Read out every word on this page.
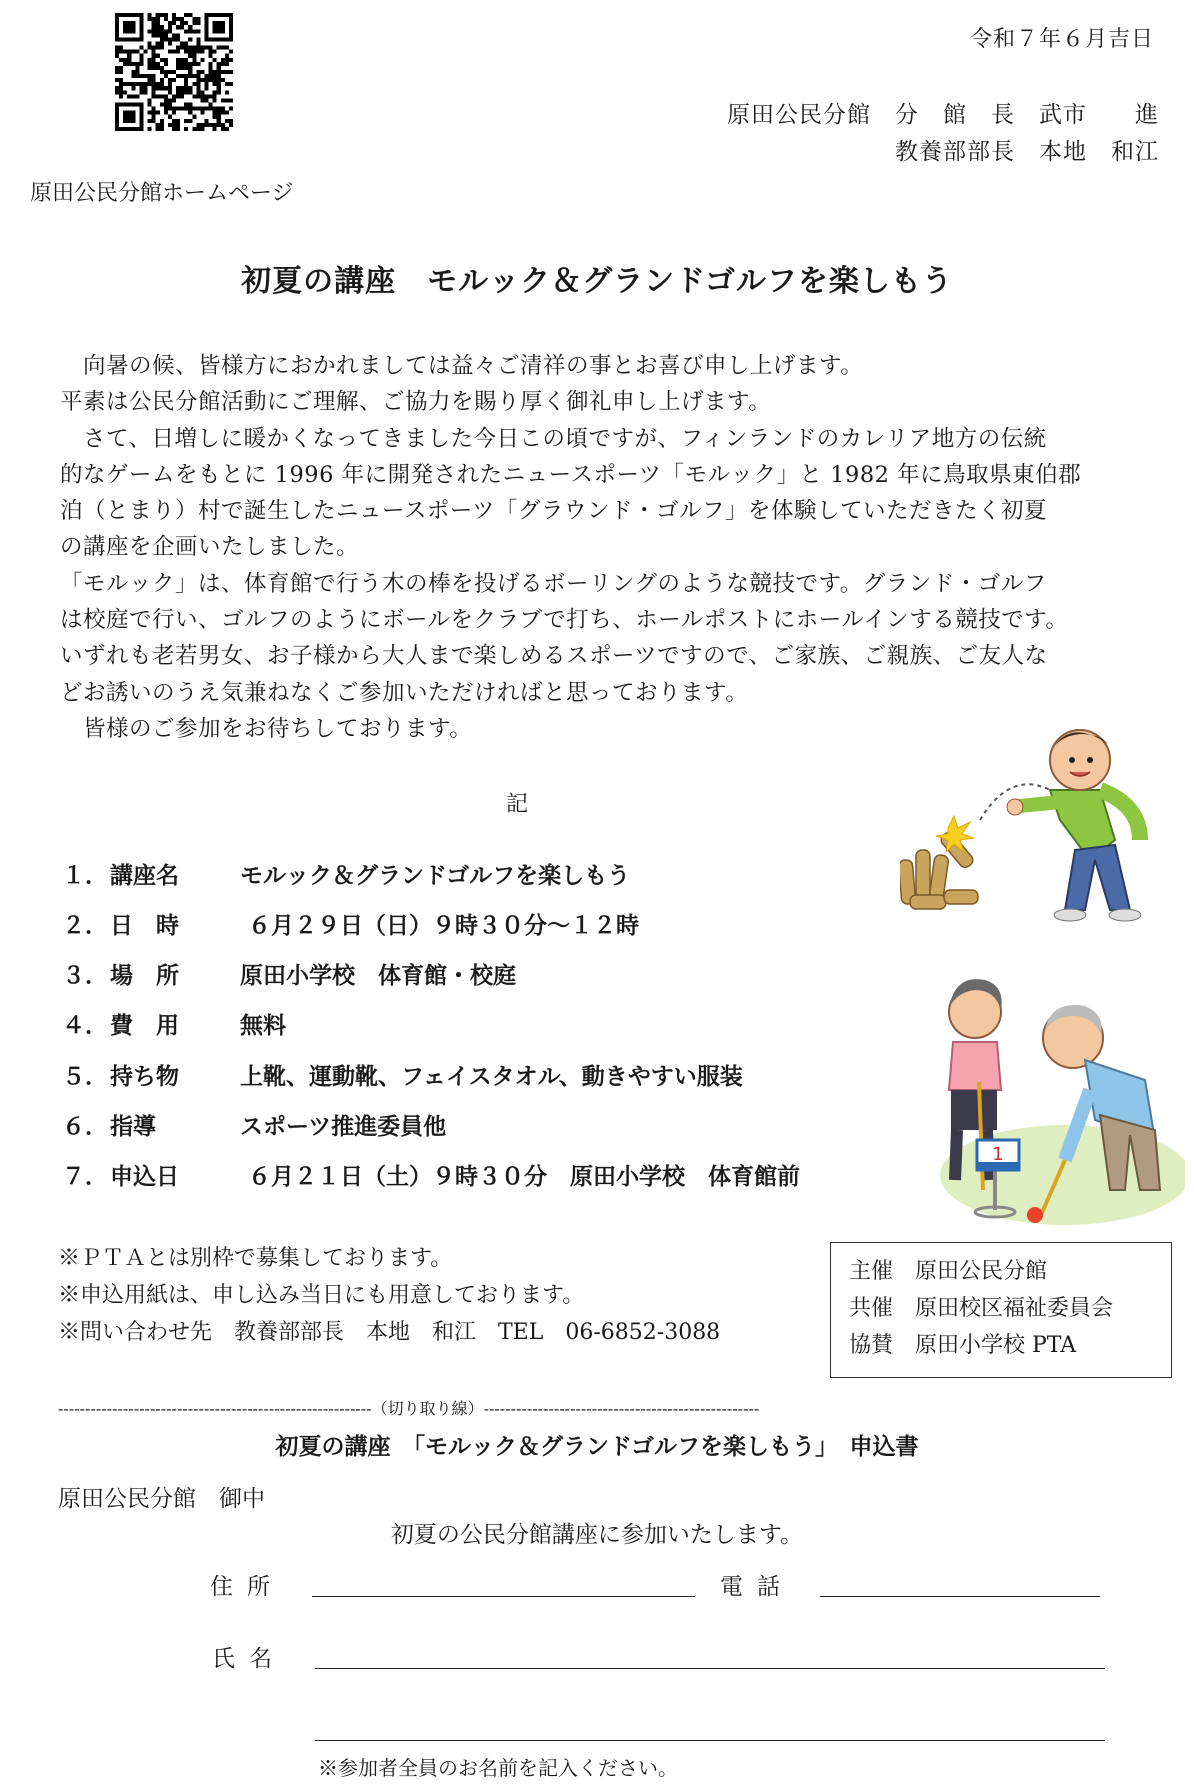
令和７年６月吉日
原田公民分館　分　館　長　武市　　進
教養部部長　本地　和江
原田公民分館ホームページ
初夏の講座　モルック＆グランドゴルフを楽しもう

　向暑の候、皆様方におかれましては益々ご清祥の事とお喜び申し上げます。

平素は公民分館活動にご理解、ご協力を賜り厚く御礼申し上げます。

　さて、日増しに暖かくなってきました今日この頃ですが、フィンランドのカレリア地方の伝統

的なゲームをもとに 1996 年に開発されたニュースポーツ「モルック」と 1982 年に鳥取県東伯郡

泊（とまり）村で誕生したニュースポーツ「グラウンド・ゴルフ」を体験していただきたく初夏

の講座を企画いたしました。

「モルック」は、体育館で行う木の棒を投げるボーリングのような競技です。グランド・ゴルフ

は校庭で行い、ゴルフのようにボールをクラブで打ち、ホールポストにホールインする競技です。

いずれも老若男女、お子様から大人まで楽しめるスポーツですので、ご家族、ご親族、ご友人な

どお誘いのうえ気兼ねなくご参加いただければと思っております。

　皆様のご参加をお待ちしております。

記
１．講座名	モルック＆グランドゴルフを楽しもう
２．日　時	６月２９日（日）９時３０分～１２時
３．場　所	原田小学校　体育館・校庭
４．費　用	無料
５．持ち物	上靴、運動靴、フェイスタオル、動きやすい服装
６．指導	スポーツ推進委員他
７．申込日	６月２１日（土）９時３０分　原田小学校　体育館前
1
※ＰＴＡとは別枠で募集しております。
※申込用紙は、申し込み当日にも用意しております。
※問い合わせ先　教養部部長　本地　和江　TEL　06-6852-3088
主催　原田公民分館
共催　原田校区福祉委員会
協賛　原田小学校 PTA
----------------------------------------------------------（切り取り線）---------------------------------------------------
初夏の講座　「モルック＆グランドゴルフを楽しもう」　申込書
原田公民分館　御中
初夏の公民分館講座に参加いたします。
住所	電話
氏名
※参加者全員のお名前を記入ください。
